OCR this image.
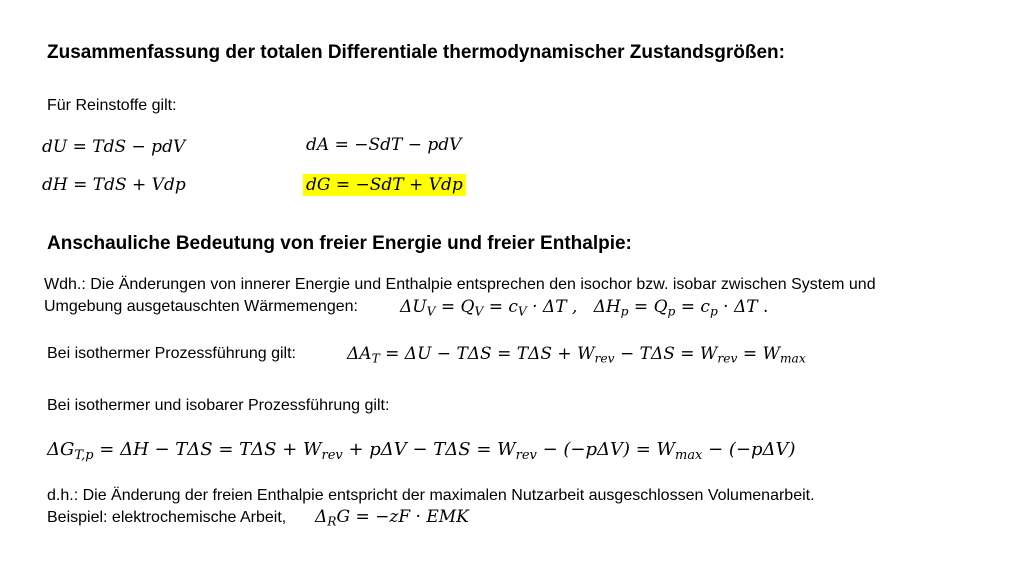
Zusammenfassung der totalen Differentiale thermodynamischer Zustandsgrößen:
Für Reinstoffe gilt:
dU = TdS − pdV	dA = −SdT − pdV
dH = TdS + Vdp	dG = −SdT + Vdp
Anschauliche Bedeutung von freier Energie und freier Enthalpie:
Wdh.: Die Änderungen von innerer Energie und Enthalpie entsprechen den isochor bzw. isobar zwischen System und
Umgebung ausgetauschten Wärmemengen: $\Delta U_V = Q_V = c_V \cdot \Delta T$ ,   $\Delta H_p = Q_p = c_p \cdot \Delta T$ .
Bei isothermer Prozessführung gilt:	$\Delta A_T = \Delta U - T\Delta S = T\Delta S + W_{rev} - T\Delta S = W_{rev} = W_{max}$
Bei isothermer und isobarer Prozessführung gilt:
$\Delta G_{T,p} = \Delta H - T\Delta S = T\Delta S + W_{rev} + p\Delta V - T\Delta S = W_{rev} - (-p\Delta V) = W_{max} - (-p\Delta V)$
d.h.: Die Änderung der freien Enthalpie entspricht der maximalen Nutzarbeit ausgeschlossen Volumenarbeit.
Beispiel: elektrochemische Arbeit, $\Delta_RG = -zF$ · EMK
